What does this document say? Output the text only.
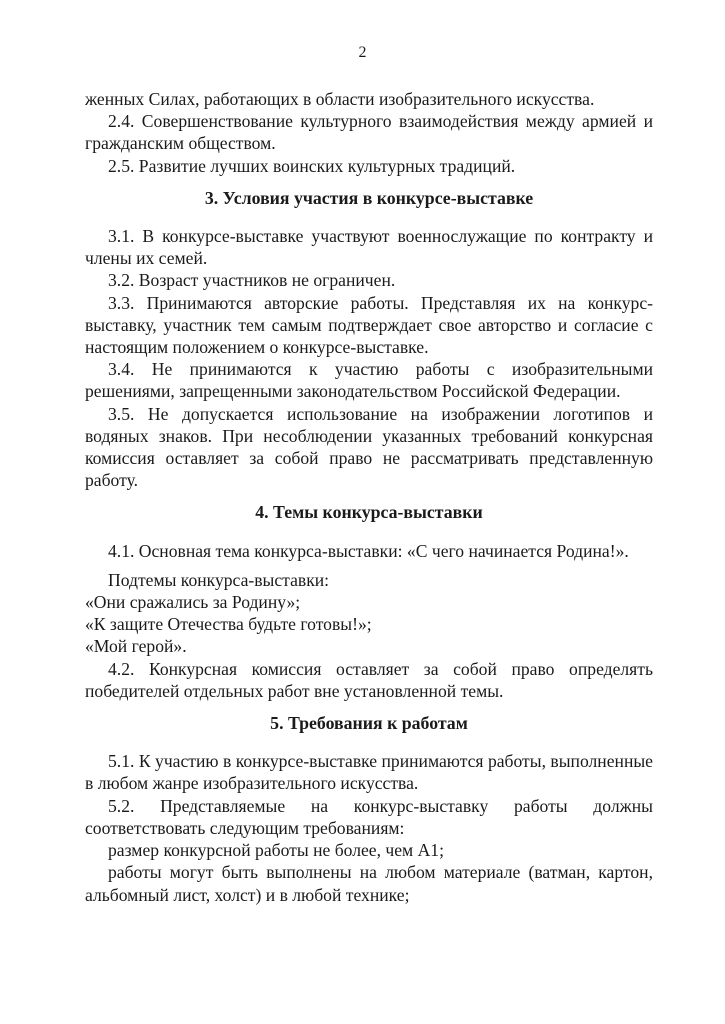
2

женных Силах, работающих в области изобразительного искусства.

2.4. Совершенствование культурного взаимодействия между армией и гражданским обществом.

2.5. Развитие лучших воинских культурных традиций.

3. Условия участия в конкурсе-выставке

3.1. В конкурсе-выставке участвуют военнослужащие по контракту и члены их семей.

3.2. Возраст участников не ограничен.

3.3. Принимаются авторские работы. Представляя их на конкурс-выставку, участник тем самым подтверждает свое авторство и согласие с настоящим положением о конкурсе-выставке.

3.4. Не принимаются к участию работы с изобразительными решениями, запрещенными законодательством Российской Федерации.

3.5. Не допускается использование на изображении логотипов и водяных знаков. При несоблюдении указанных требований конкурсная комиссия оставляет за собой право не рассматривать представленную работу.

4. Темы конкурса-выставки

4.1. Основная тема конкурса-выставки: «С чего начинается Родина!».

Подтемы конкурса-выставки:

«Они сражались за Родину»;

«К защите Отечества будьте готовы!»;

«Мой герой».

4.2. Конкурсная комиссия оставляет за собой право определять победителей отдельных работ вне установленной темы.

5. Требования к работам

5.1. К участию в конкурсе-выставке принимаются работы, выполненные в любом жанре изобразительного искусства.

5.2. Представляемые на конкурс-выставку работы должны соответствовать следующим требованиям:

размер конкурсной работы не более, чем А1;

работы могут быть выполнены на любом материале (ватман, картон, альбомный лист, холст) и в любой технике;
